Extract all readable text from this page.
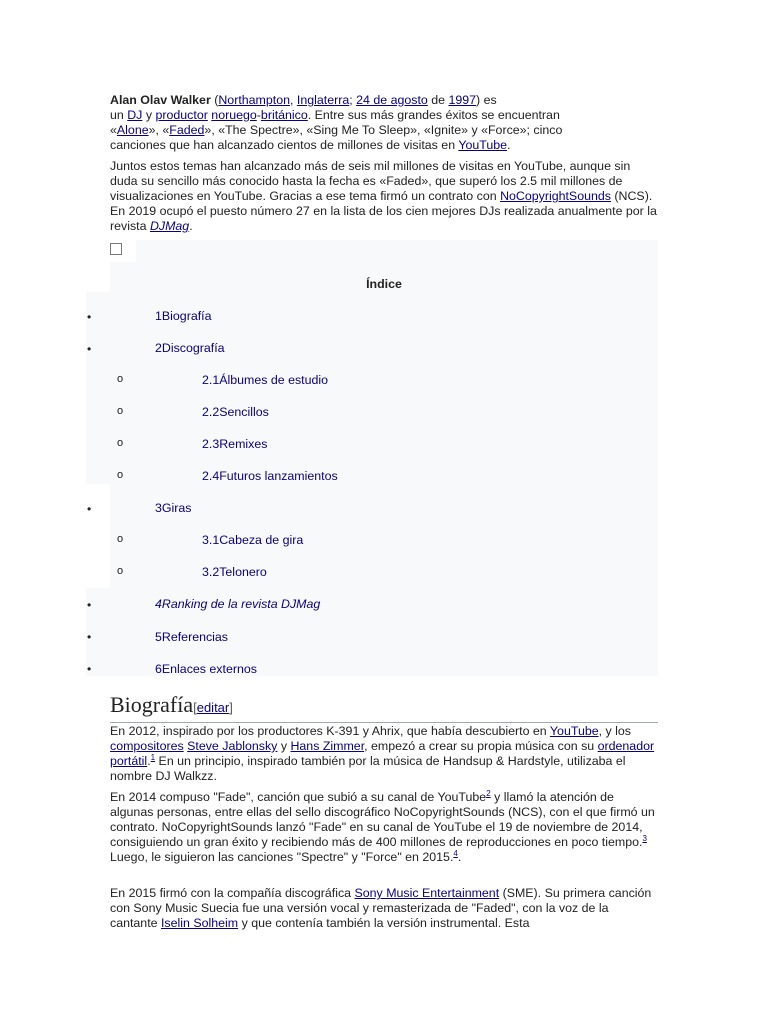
Alan Olav Walker (Northampton, Inglaterra; 24 de agosto de 1997) es
un DJ y productor noruego-británico. Entre sus más grandes éxitos se encuentran
«Alone», «Faded», «The Spectre», «Sing Me To Sleep», «Ignite» y «Force»; cinco
canciones que han alcanzado cientos de millones de visitas en YouTube.

Juntos estos temas han alcanzado más de seis mil millones de visitas en YouTube, aunque sin duda su sencillo más conocido hasta la fecha es «Faded», que superó los 2.5 mil millones de visualizaciones en YouTube. Gracias a ese tema firmó un contrato con NoCopyrightSounds (NCS). En 2019 ocupó el puesto número 27 en la lista de los cien mejores DJs realizada anualmente por la revista DJMag.

Índice
•	1Biografía
•	2Discografía
o	2.1Álbumes de estudio
o	2.2Sencillos
o	2.3Remixes
o	2.4Futuros lanzamientos
•	3Giras
o	3.1Cabeza de gira
o	3.2Telonero
•	4Ranking de la revista DJMag
•	5Referencias
•	6Enlaces externos
Biografía[editar]

En 2012, inspirado por los productores K-391 y Ahrix, que había descubierto en YouTube, y los compositores Steve Jablonsky y Hans Zimmer, empezó a crear su propia música con su ordenador portátil.$^1$ En un principio, inspirado también por la música de Handsup & Hardstyle, utilizaba el nombre DJ Walkzz.

En 2014 compuso "Fade", canción que subió a su canal de YouTube$^2$ y llamó la atención de algunas personas, entre ellas del sello discográfico NoCopyrightSounds (NCS), con el que firmó un contrato. NoCopyrightSounds lanzó "Fade" en su canal de YouTube el 19 de noviembre de 2014, consiguiendo un gran éxito y recibiendo más de 400 millones de reproducciones en poco tiempo.$^3$ Luego, le siguieron las canciones "Spectre" y "Force" en 2015.$^4$.

En 2015 firmó con la compañía discográfica Sony Music Entertainment (SME). Su primera canción con Sony Music Suecia fue una versión vocal y remasterizada de "Faded", con la voz de la cantante Iselin Solheim y que contenía también la versión instrumental. Esta
